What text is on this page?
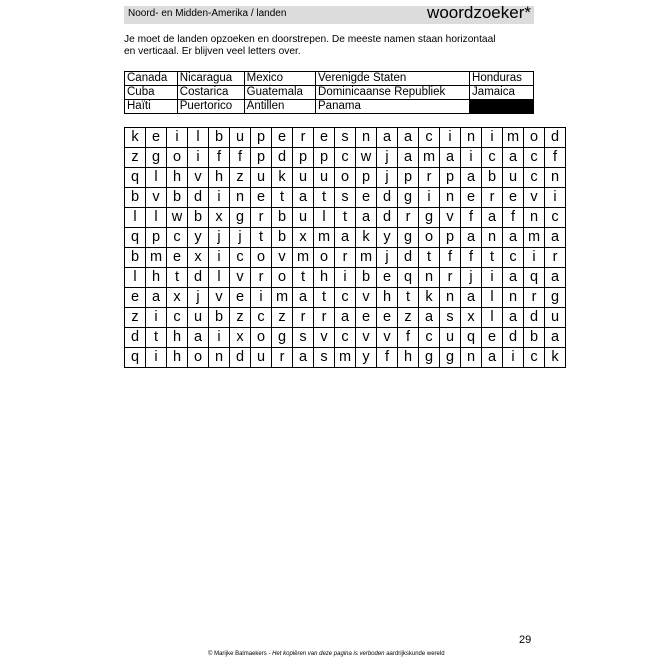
Noord- en Midden-Amerika / landen	woordzoeker*
Je moet de landen opzoeken en doorstrepen. De meeste namen staan horizontaal
en verticaal. Er blijven veel letters over.
Canada	Nicaragua	Mexico	Verenigde Staten	Honduras
Cuba	Costarica	Guatemala	Dominicaanse Republiek	Jamaica
Haïti	Puertorico	Antillen	Panama	
k	e	i	l	b	u	p	e	r	e	s	n	a	a	c	i	n	i	m	o	d
z	g	o	i	f	f	p	d	p	p	c	w	j	a	m	a	i	c	a	c	f
q	l	h	v	h	z	u	k	u	u	o	p	j	p	r	p	a	b	u	c	n
b	v	b	d	i	n	e	t	a	t	s	e	d	g	i	n	e	r	e	v	i
l	l	w	b	x	g	r	b	u	l	t	a	d	r	g	v	f	a	f	n	c
q	p	c	y	j	j	t	b	x	m	a	k	y	g	o	p	a	n	a	m	a
b	m	e	x	i	c	o	v	m	o	r	m	j	d	t	f	f	t	c	i	r
l	h	t	d	l	v	r	o	t	h	i	b	e	q	n	r	j	i	a	q	a
e	a	x	j	v	e	i	m	a	t	c	v	h	t	k	n	a	l	n	r	g
z	i	c	u	b	z	c	z	r	r	a	e	e	z	a	s	x	l	a	d	u
d	t	h	a	i	x	o	g	s	v	c	v	v	f	c	u	q	e	d	b	a
q	i	h	o	n	d	u	r	a	s	m	y	f	h	g	g	n	a	i	c	k
29
© Marijke Balmaekers - Het kopiëren van deze pagina is verboden aardrijkskunde wereld
